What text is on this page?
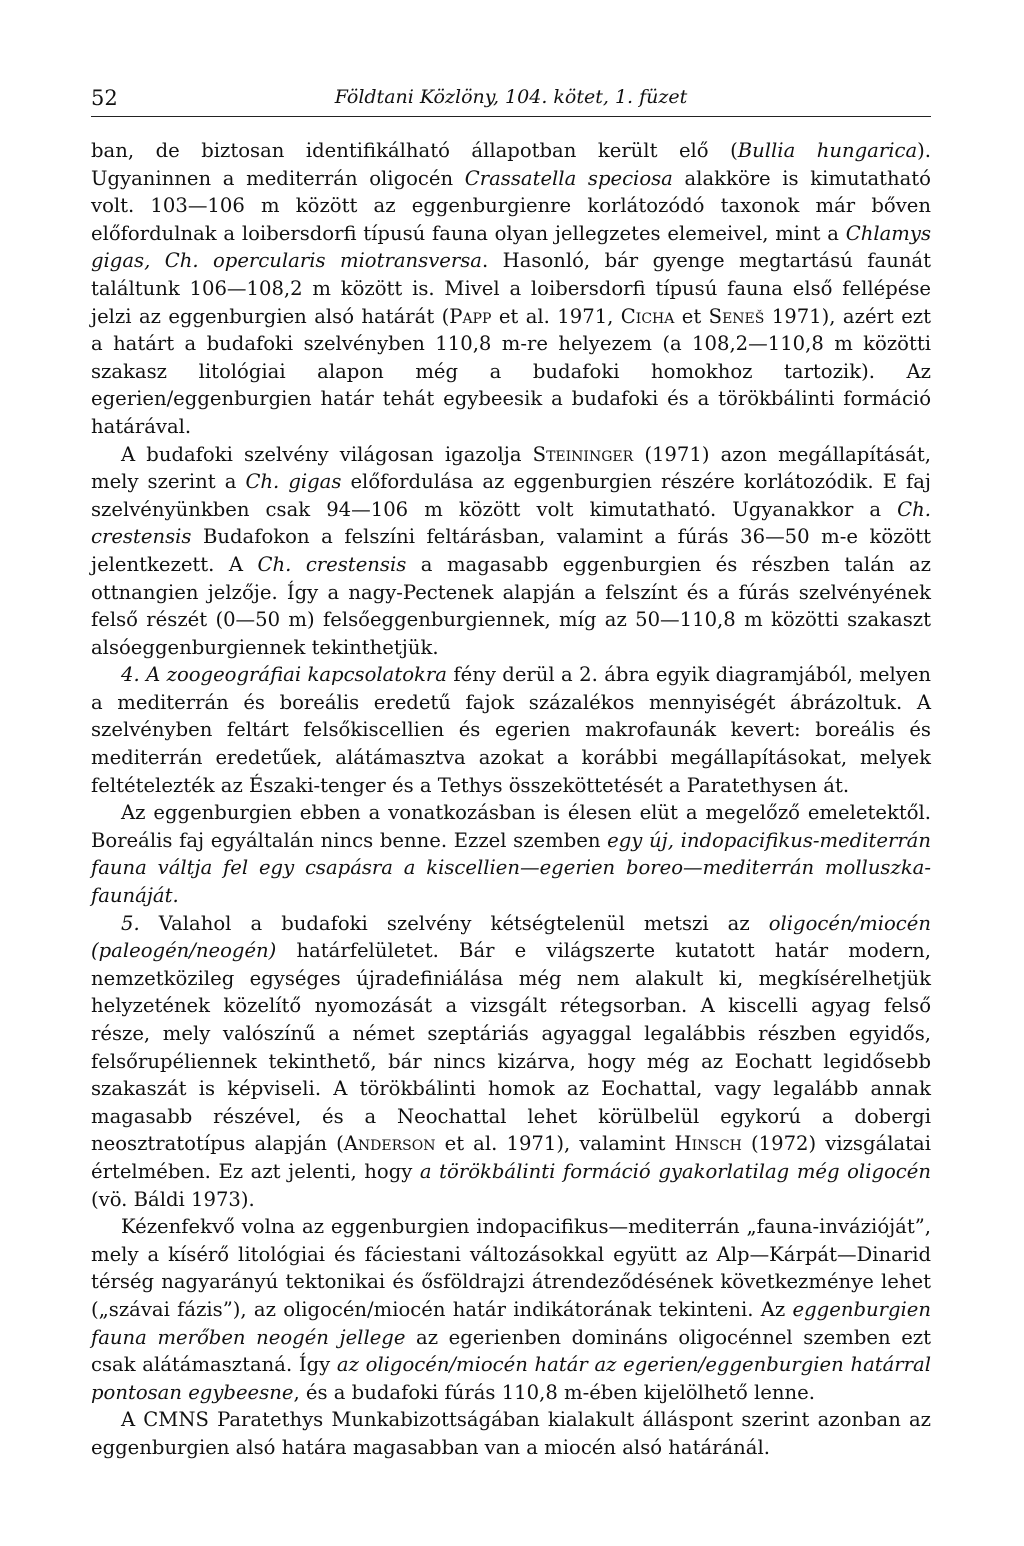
52	Földtani Közlöny, 104. kötet, 1. füzet

ban, de biztosan identifikálható állapotban került elő (Bullia hungarica). Ugyaninnen a mediterrán oligocén Crassatella speciosa alakköre is kimutatható volt. 103—106 m között az eggenburgienre korlátozódó taxonok már bőven előfordulnak a loibersdorfi típusú fauna olyan jellegzetes elemeivel, mint a Chlamys gigas, Ch. opercularis miotransversa. Hasonló, bár gyenge megtartású faunát találtunk 106—108,2 m között is. Mivel a loibersdorfi típusú fauna első fellépése jelzi az eggenburgien alsó határát (Papp et al. 1971, Cicha et Seneš 1971), azért ezt a határt a budafoki szelvényben 110,8 m-re helyezem (a 108,2—110,8 m közötti szakasz litológiai alapon még a budafoki homokhoz tartozik). Az egerien/eggenburgien határ tehát egybeesik a budafoki és a törökbálinti formáció határával.

A budafoki szelvény világosan igazolja Steininger (1971) azon megállapítását, mely szerint a Ch. gigas előfordulása az eggenburgien részére korlátozódik. E faj szelvényünkben csak 94—106 m között volt kimutatható. Ugyanakkor a Ch. crestensis Budafokon a felszíni feltárásban, valamint a fúrás 36—50 m-e között jelentkezett. A Ch. crestensis a magasabb eggenburgien és részben talán az ottnangien jelzője. Így a nagy-Pectenek alapján a felszínt és a fúrás szelvényének felső részét (0—50 m) felsőeggenburgiennek, míg az 50—110,8 m közötti szakaszt alsóeggenburgiennek tekinthetjük.

4. A zoogeográfiai kapcsolatokra fény derül a 2. ábra egyik diagramjából, melyen a mediterrán és boreális eredetű fajok százalékos mennyiségét ábrázoltuk. A szelvényben feltárt felsőkiscellien és egerien makrofaunák kevert: boreális és mediterrán eredetűek, alátámasztva azokat a korábbi megállapításokat, melyek feltételezték az Északi-tenger és a Tethys összeköttetését a Paratethysen át.

Az eggenburgien ebben a vonatkozásban is élesen elüt a megelőző emeletektől. Boreális faj egyáltalán nincs benne. Ezzel szemben egy új, indopacifikus-mediterrán fauna váltja fel egy csapásra a kiscellien—egerien boreo—mediterrán molluszka-faunáját.

5. Valahol a budafoki szelvény kétségtelenül metszi az oligocén/miocén (paleogén/neogén) határfelületet. Bár e világszerte kutatott határ modern, nemzetközileg egységes újradefiniálása még nem alakult ki, megkísérelhetjük helyzetének közelítő nyomozását a vizsgált rétegsorban. A kiscelli agyag felső része, mely valószínű a német szeptáriás agyaggal legalábbis részben egyidős, felsőrupéliennek tekinthető, bár nincs kizárva, hogy még az Eochatt legidősebb szakaszát is képviseli. A törökbálinti homok az Eochattal, vagy legalább annak magasabb részével, és a Neochattal lehet körülbelül egykorú a dobergi neosztratotípus alapján (Anderson et al. 1971), valamint Hinsch (1972) vizsgálatai értelmében. Ez azt jelenti, hogy a törökbálinti formáció gyakorlatilag még oligocén (vö. Báldi 1973).

Kézenfekvő volna az eggenburgien indopacifikus—mediterrán „fauna-invázióját”, mely a kísérő litológiai és fáciestani változásokkal együtt az Alp—Kárpát—Dinarid térség nagyarányú tektonikai és ősföldrajzi átrendeződésének következménye lehet („szávai fázis”), az oligocén/miocén határ indikátorának tekinteni. Az eggenburgien fauna merőben neogén jellege az egerienben domináns oligocénnel szemben ezt csak alátámasztaná. Így az oligocén/miocén határ az egerien/eggenburgien határral pontosan egybeesne, és a budafoki fúrás 110,8 m-ében kijelölhető lenne.

A CMNS Paratethys Munkabizottságában kialakult álláspont szerint azonban az eggenburgien alsó határa magasabban van a miocén alsó határánál.
